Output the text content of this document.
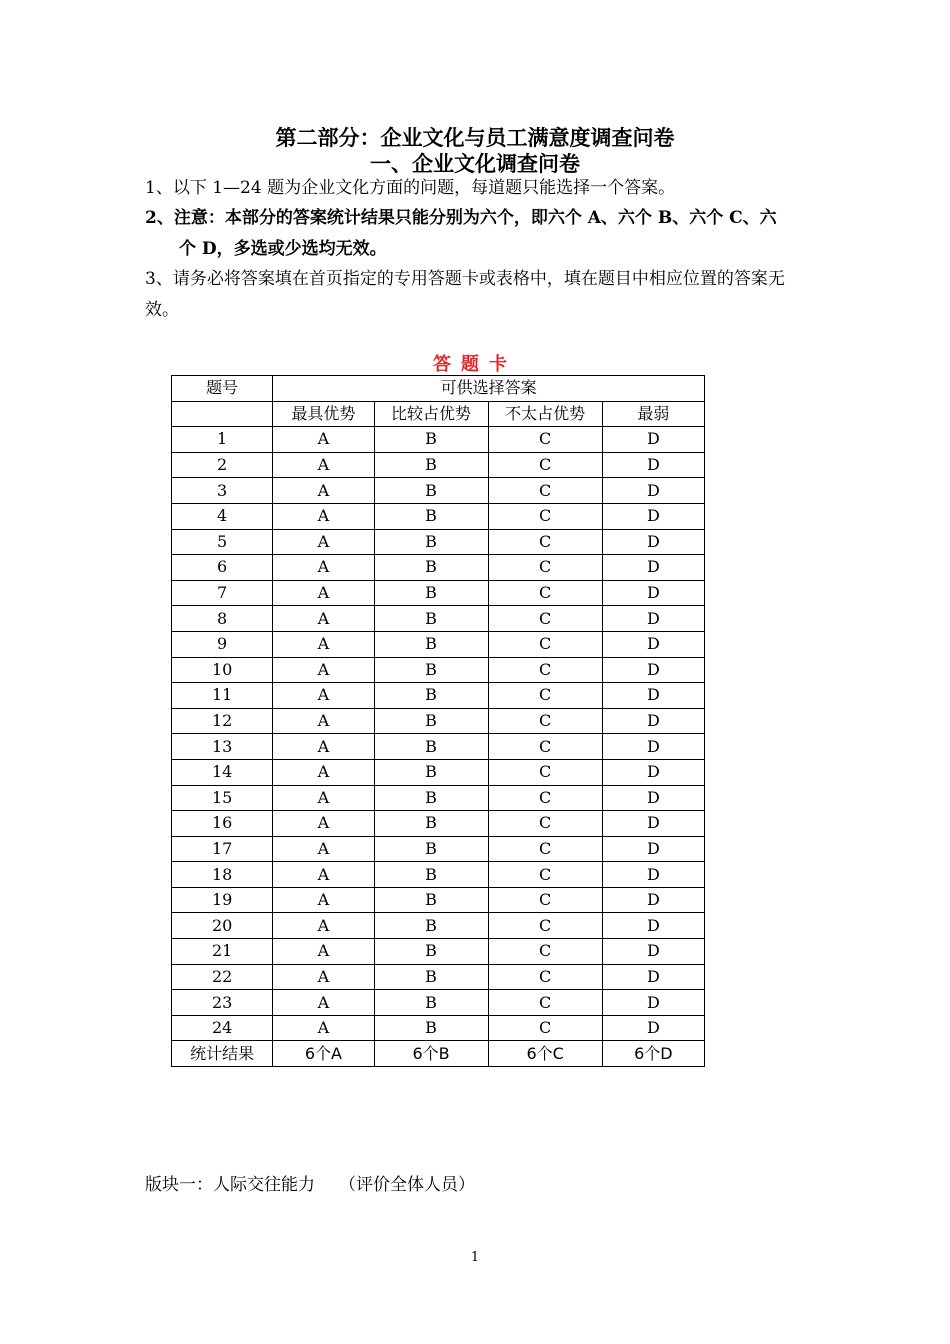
第二部分：企业文化与员工满意度调查问卷
一、企业文化调查问卷
1、以下 1—24 题为企业文化方面的问题，每道题只能选择一个答案。
2、注意：本部分的答案统计结果只能分别为六个，即六个 A、六个 B、六个 C、六
个 D，多选或少选均无效。
3、请务必将答案填在首页指定的专用答题卡或表格中，填在题目中相应位置的答案无效。
答题卡
题号	可供选择答案			
	最具优势	比较占优势	不太占优势	最弱
1	A	B	C	D
2	A	B	C	D
3	A	B	C	D
4	A	B	C	D
5	A	B	C	D
6	A	B	C	D
7	A	B	C	D
8	A	B	C	D
9	A	B	C	D
10	A	B	C	D
11	A	B	C	D
12	A	B	C	D
13	A	B	C	D
14	A	B	C	D
15	A	B	C	D
16	A	B	C	D
17	A	B	C	D
18	A	B	C	D
19	A	B	C	D
20	A	B	C	D
21	A	B	C	D
22	A	B	C	D
23	A	B	C	D
24	A	B	C	D
统计结果	6个A	6个B	6个C	6个D
版块一：人际交往能力 （评价全体人员）
1
